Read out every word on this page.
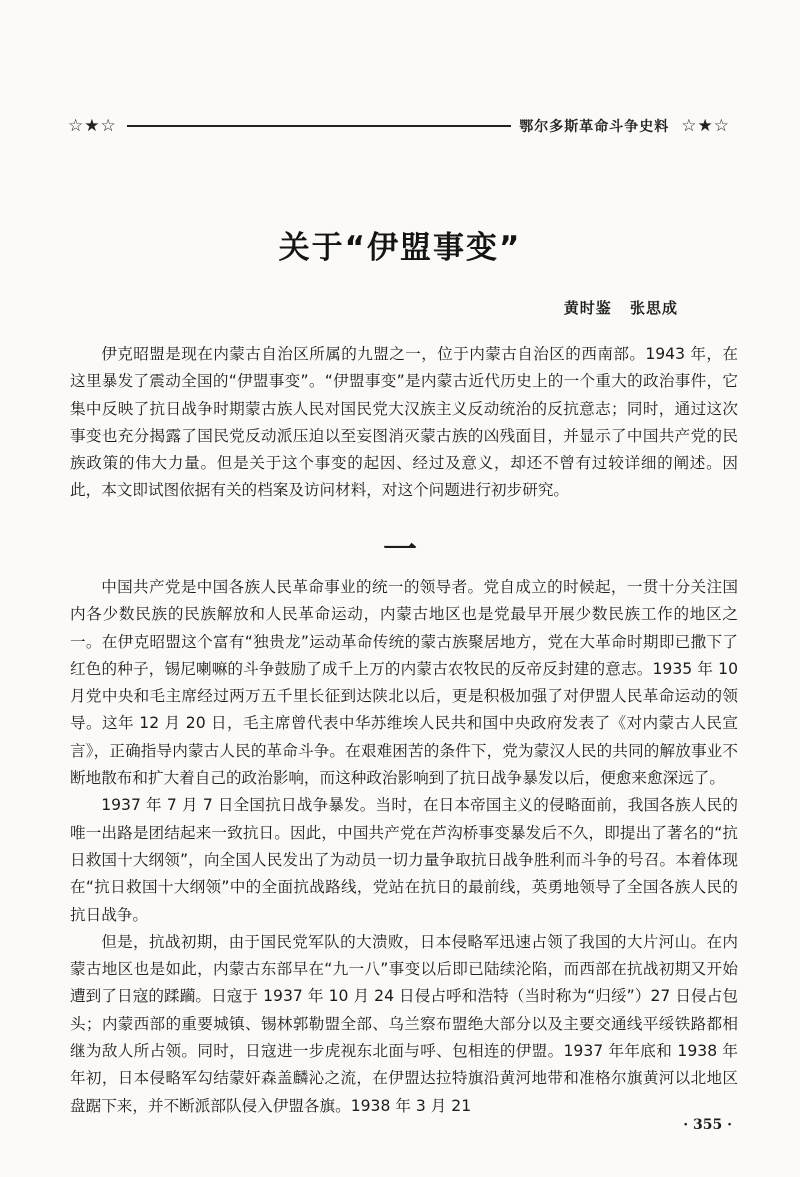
☆★☆	鄂尔多斯革命斗争史料 ☆★☆
关于“伊盟事变”
黄时鉴 张思成

伊克昭盟是现在内蒙古自治区所属的九盟之一，位于内蒙古自治区的西南部。1943 年，在这里暴发了震动全国的“伊盟事变”。“伊盟事变”是内蒙古近代历史上的一个重大的政治事件，它集中反映了抗日战争时期蒙古族人民对国民党大汉族主义反动统治的反抗意志；同时，通过这次事变也充分揭露了国民党反动派压迫以至妄图消灭蒙古族的凶残面目，并显示了中国共产党的民族政策的伟大力量。但是关于这个事变的起因、经过及意义，却还不曾有过较详细的阐述。因此，本文即试图依据有关的档案及访问材料，对这个问题进行初步研究。

一

中国共产党是中国各族人民革命事业的统一的领导者。党自成立的时候起，一贯十分关注国内各少数民族的民族解放和人民革命运动，内蒙古地区也是党最早开展少数民族工作的地区之一。在伊克昭盟这个富有“独贵龙”运动革命传统的蒙古族聚居地方，党在大革命时期即已撒下了红色的种子，锡尼喇嘛的斗争鼓励了成千上万的内蒙古农牧民的反帝反封建的意志。1935 年 10 月党中央和毛主席经过两万五千里长征到达陕北以后，更是积极加强了对伊盟人民革命运动的领导。这年 12 月 20 日，毛主席曾代表中华苏维埃人民共和国中央政府发表了《对内蒙古人民宣言》，正确指导内蒙古人民的革命斗争。在艰难困苦的条件下，党为蒙汉人民的共同的解放事业不断地散布和扩大着自己的政治影响，而这种政治影响到了抗日战争暴发以后，便愈来愈深远了。

1937 年 7 月 7 日全国抗日战争暴发。当时，在日本帝国主义的侵略面前，我国各族人民的唯一出路是团结起来一致抗日。因此，中国共产党在芦沟桥事变暴发后不久，即提出了著名的“抗日救国十大纲领”，向全国人民发出了为动员一切力量争取抗日战争胜利而斗争的号召。本着体现在“抗日救国十大纲领”中的全面抗战路线，党站在抗日的最前线，英勇地领导了全国各族人民的抗日战争。

但是，抗战初期，由于国民党军队的大溃败，日本侵略军迅速占领了我国的大片河山。在内蒙古地区也是如此，内蒙古东部早在“九一八”事变以后即已陆续沦陷，而西部在抗战初期又开始遭到了日寇的蹂躏。日寇于 1937 年 10 月 24 日侵占呼和浩特（当时称为“归绥”）27 日侵占包头；内蒙西部的重要城镇、锡林郭勒盟全部、乌兰察布盟绝大部分以及主要交通线平绥铁路都相继为敌人所占领。同时，日寇进一步虎视东北面与呼、包相连的伊盟。1937 年年底和 1938 年年初，日本侵略军勾结蒙奸森盖麟沁之流，在伊盟达拉特旗沿黄河地带和准格尔旗黄河以北地区盘踞下来，并不断派部队侵入伊盟各旗。1938 年 3 月 21

· 355 ·
